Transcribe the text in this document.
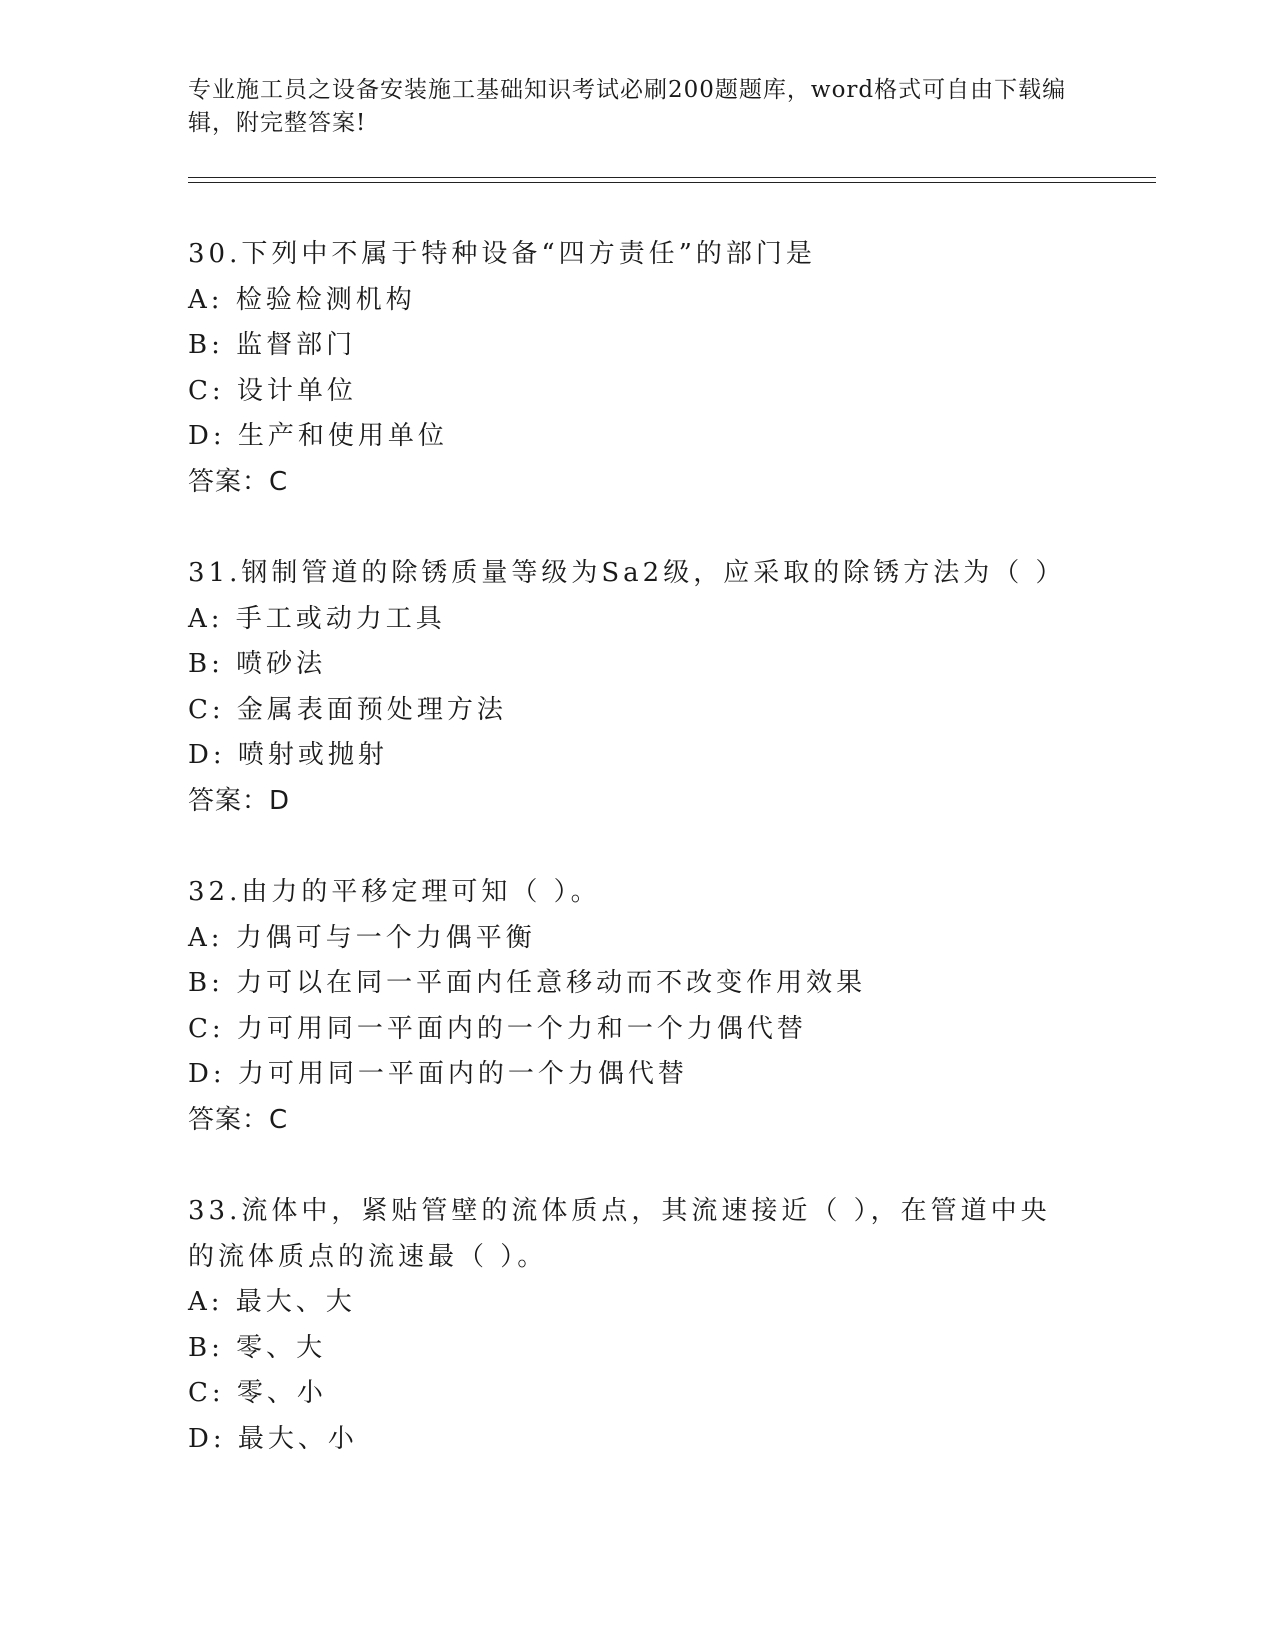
专业施工员之设备安装施工基础知识考试必刷200题题库，word格式可自由下载编辑，附完整答案!
30.下列中不属于特种设备“四方责任”的部门是
A: 检验检测机构
B: 监督部门
C: 设计单位
D: 生产和使用单位
答案：C
31.钢制管道的除锈质量等级为Sa2级，应采取的除锈方法为（ ）
A: 手工或动力工具
B: 喷砂法
C: 金属表面预处理方法
D: 喷射或抛射
答案：D
32.由力的平移定理可知（ ）。
A: 力偶可与一个力偶平衡
B: 力可以在同一平面内任意移动而不改变作用效果
C: 力可用同一平面内的一个力和一个力偶代替
D: 力可用同一平面内的一个力偶代替
答案：C
33.流体中，紧贴管壁的流体质点，其流速接近（ ），在管道中央的流体质点的流速最（ ）。
A: 最大、大
B: 零、大
C: 零、小
D: 最大、小
